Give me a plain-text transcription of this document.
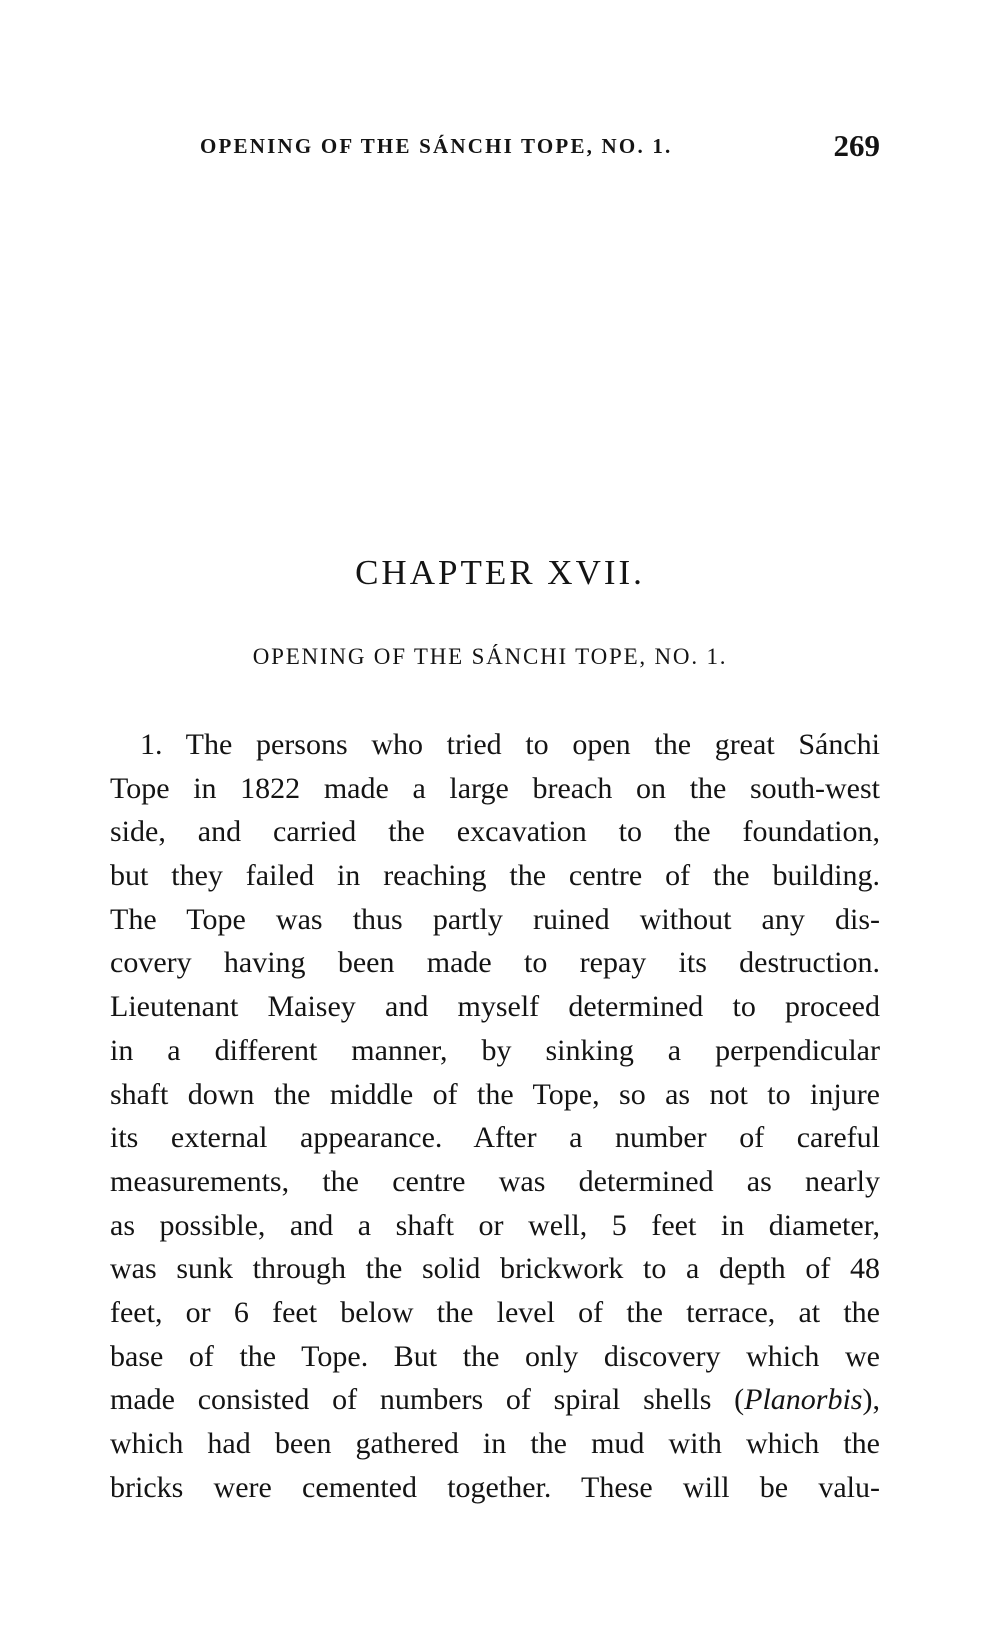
OPENING OF THE SÁNCHI TOPE, NO. 1.	269
CHAPTER XVII.
OPENING OF THE SÁNCHI TOPE, NO. 1.
1. The persons who tried to open the great Sánchi
Tope in 1822 made a large breach on the south-west
side, and carried the excavation to the foundation,
but they failed in reaching the centre of the building.
The Tope was thus partly ruined without any dis-
covery having been made to repay its destruction.
Lieutenant Maisey and myself determined to proceed
in a different manner, by sinking a perpendicular
shaft down the middle of the Tope, so as not to injure
its external appearance. After a number of careful
measurements, the centre was determined as nearly
as possible, and a shaft or well, 5 feet in diameter,
was sunk through the solid brickwork to a depth of 48
feet, or 6 feet below the level of the terrace, at the
base of the Tope. But the only discovery which we
made consisted of numbers of spiral shells (Planorbis),
which had been gathered in the mud with which the
bricks were cemented together. These will be valu-
